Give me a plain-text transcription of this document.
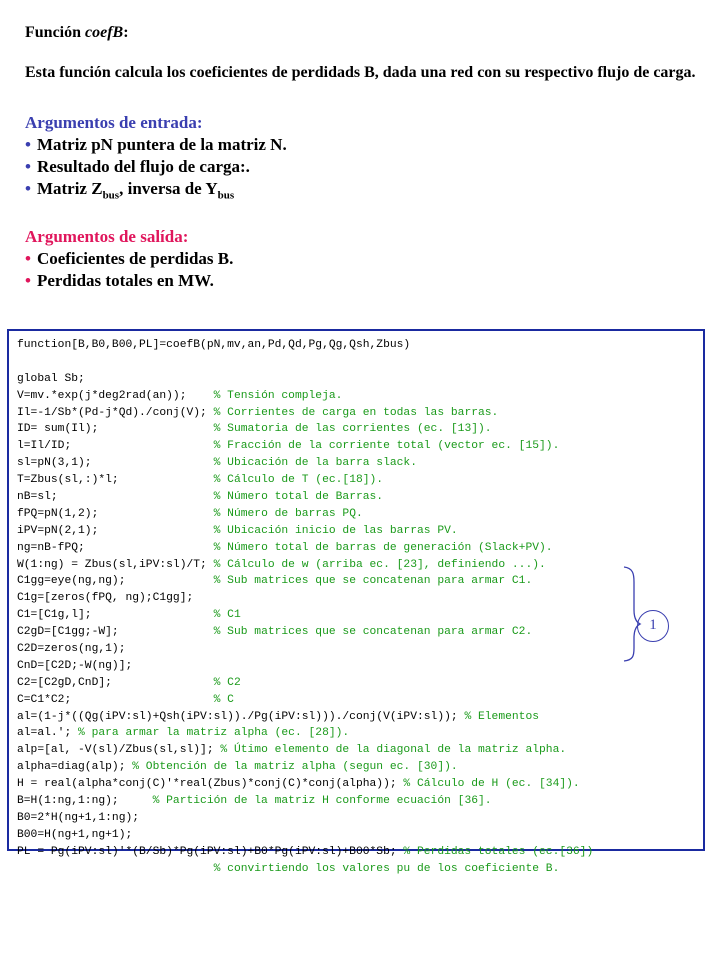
Función coefB:
Esta función calcula los coeficientes de perdidads B, dada una red con su respectivo flujo de carga.
Argumentos de entrada:
• Matriz pN puntera de la matriz N.
• Resultado del flujo de carga:.
• Matriz $Z_{bus}$, inversa de $Y_{bus}$
Argumentos de salída:
• Coeficientes de perdidas B.
• Perdidas totales en MW.
function[B,B0,B00,PL]=coefB(pN,mv,an,Pd,Qd,Pg,Qg,Qsh,Zbus)
global Sb;
V=mv.*exp(j*deg2rad(an));    % Tensión compleja.
Il=-1/Sb*(Pd-j*Qd)./conj(V); % Corrientes de carga en todas las barras.
ID= sum(Il);                 % Sumatoria de las corrientes (ec. [13]).
l=Il/ID;                     % Fracción de la corriente total (vector ec. [15]).
sl=pN(3,1);                  % Ubicación de la barra slack.
T=Zbus(sl,:)*l;              % Cálculo de T (ec.[18]).
nB=sl;                       % Número total de Barras.
fPQ=pN(1,2);                 % Número de barras PQ.
iPV=pN(2,1);                 % Ubicación inicio de las barras PV.
ng=nB-fPQ;                   % Número total de barras de generación (Slack+PV).
W(1:ng) = Zbus(sl,iPV:sl)/T; % Cálculo de w (arriba ec. [23], definiendo ...).
C1gg=eye(ng,ng);             % Sub matrices que se concatenan para armar C1.
C1g=[zeros(fPQ, ng);C1gg];
C1=[C1g,l];                  % C1
C2gD=[C1gg;-W];              % Sub matrices que se concatenan para armar C2.
C2D=zeros(ng,1);
CnD=[C2D;-W(ng)];
C2=[C2gD,CnD];               % C2
C=C1*C2;                     % C
al=(1-j*((Qg(iPV:sl)+Qsh(iPV:sl))./Pg(iPV:sl)))./conj(V(iPV:sl)); % Elementos
al=al.'; % para armar la matriz alpha (ec. [28]).
alp=[al, -V(sl)/Zbus(sl,sl)]; % Útimo elemento de la diagonal de la matriz alpha.
alpha=diag(alp); % Obtención de la matriz alpha (segun ec. [30]).
H = real(alpha*conj(C)'*real(Zbus)*conj(C)*conj(alpha)); % Cálculo de H (ec. [34]).
B=H(1:ng,1:ng);     % Partición de la matriz H conforme ecuación [36].
B0=2*H(ng+1,1:ng);
B00=H(ng+1,ng+1);
PL = Pg(iPV:sl)'*(B/Sb)*Pg(iPV:sl)+B0*Pg(iPV:sl)+B00*Sb; % Perdidas totales (ec.[36])
% convirtiendo los valores pu de los coeficiente B.
1
